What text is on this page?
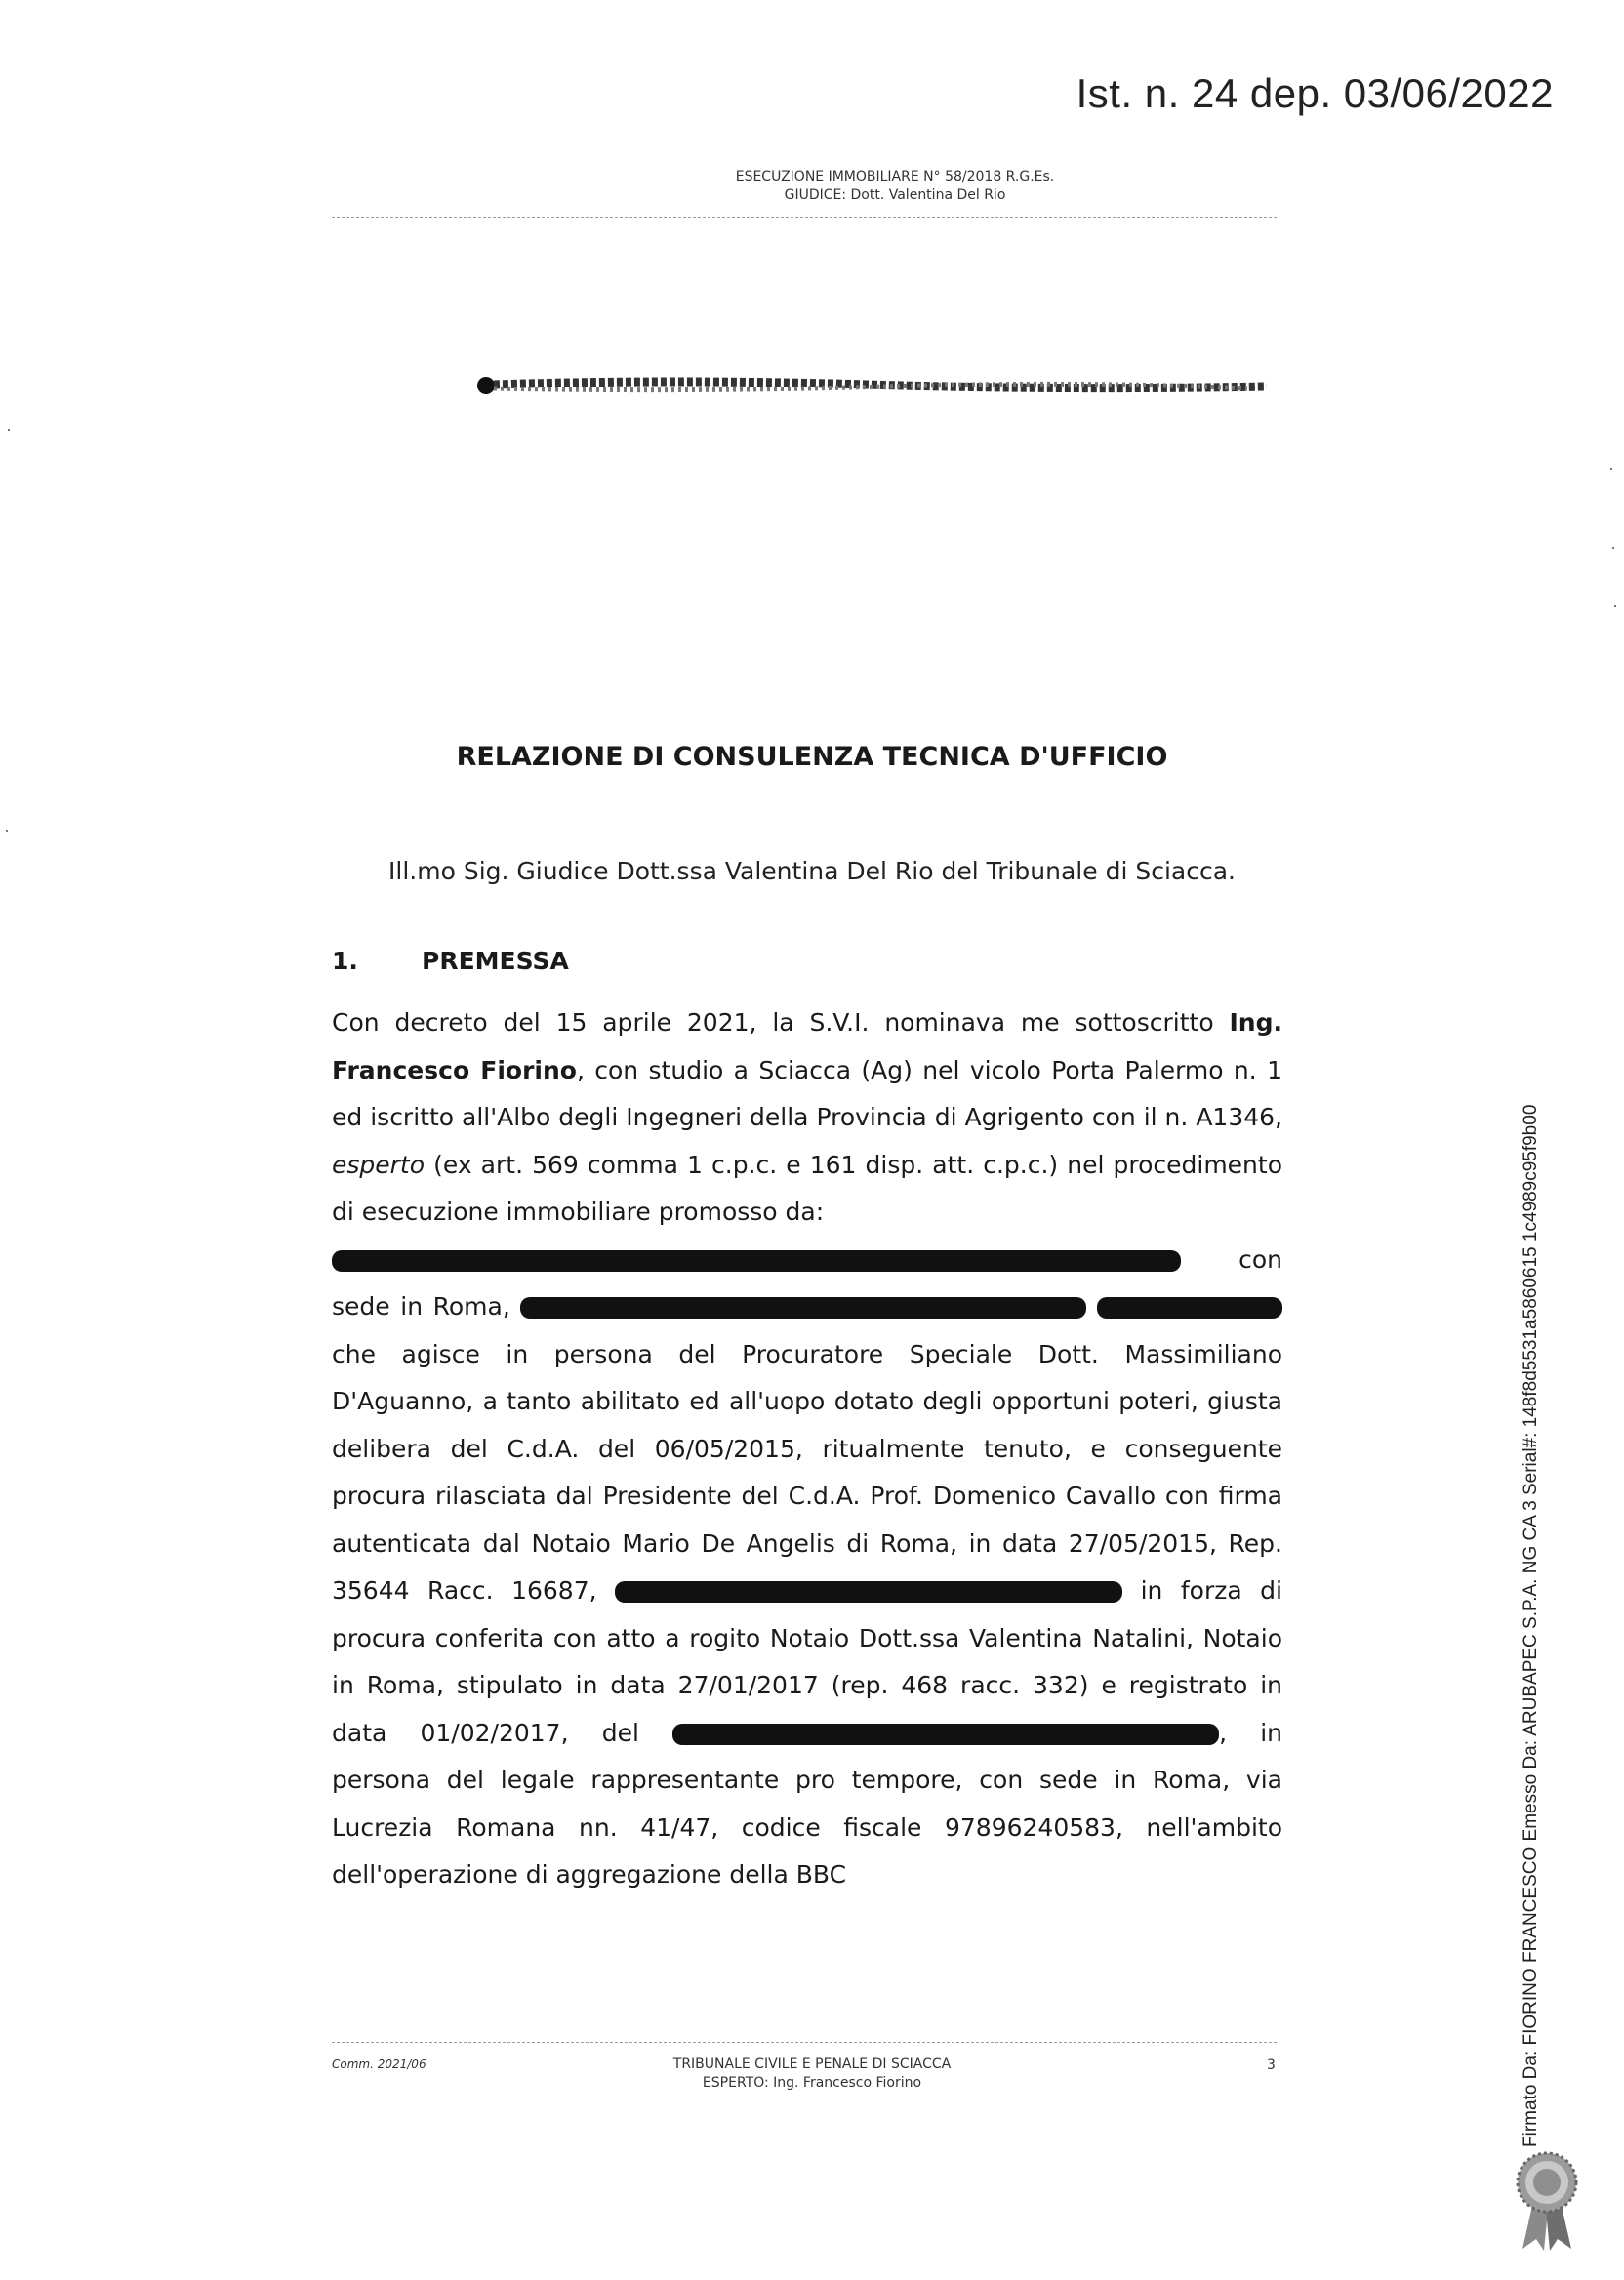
Ist. n. 24 dep. 03/06/2022
ESECUZIONE IMMOBILIARE N° 58/2018 R.G.Es.
GIUDICE: Dott. Valentina Del Rio
RELAZIONE DI CONSULENZA TECNICA D'UFFICIO
Ill.mo Sig. Giudice Dott.ssa Valentina Del Rio del Tribunale di Sciacca.
1.	PREMESSA

Con decreto del 15 aprile 2021, la S.V.I. nominava me sottoscritto Ing. Francesco Fiorino, con studio a Sciacca (Ag) nel vicolo Porta Palermo n. 1 ed iscritto all'Albo degli Ingegneri della Provincia di Agrigento con il n. A1346, esperto (ex art. 569 comma 1 c.p.c. e 161 disp. att. c.p.c.) nel procedimento di esecuzione immobiliare promosso da:

con sede in Roma,   che agisce in persona del Procuratore Speciale Dott. Massimiliano D'Aguanno, a tanto abilitato ed all'uopo dotato degli opportuni poteri, giusta delibera del C.d.A. del 06/05/2015, ritualmente tenuto, e conseguente procura rilasciata dal Presidente del C.d.A. Prof. Domenico Cavallo con firma autenticata dal Notaio Mario De Angelis di Roma, in data 27/05/2015, Rep. 35644 Racc. 16687,	in forza di procura conferita con atto a rogito Notaio Dott.ssa Valentina Natalini, Notaio in Roma, stipulato in data 27/01/2017 (rep. 468 racc. 332) e registrato in data 01/02/2017, del	, in persona del legale rappresentante pro tempore, con sede in Roma, via Lucrezia Romana nn. 41/47, codice fiscale 97896240583, nell'ambito dell'operazione di aggregazione della BBC

Comm. 2021/06	TRIBUNALE CIVILE E PENALE DI SCIACCA
ESPERTO: Ing. Francesco Fiorino
3	Firmato Da: FIORINO FRANCESCO Emesso Da: ARUBAPEC S.P.A. NG CA 3 Serial#: 148f8d5531a5860615 1c4989c95f9b00
